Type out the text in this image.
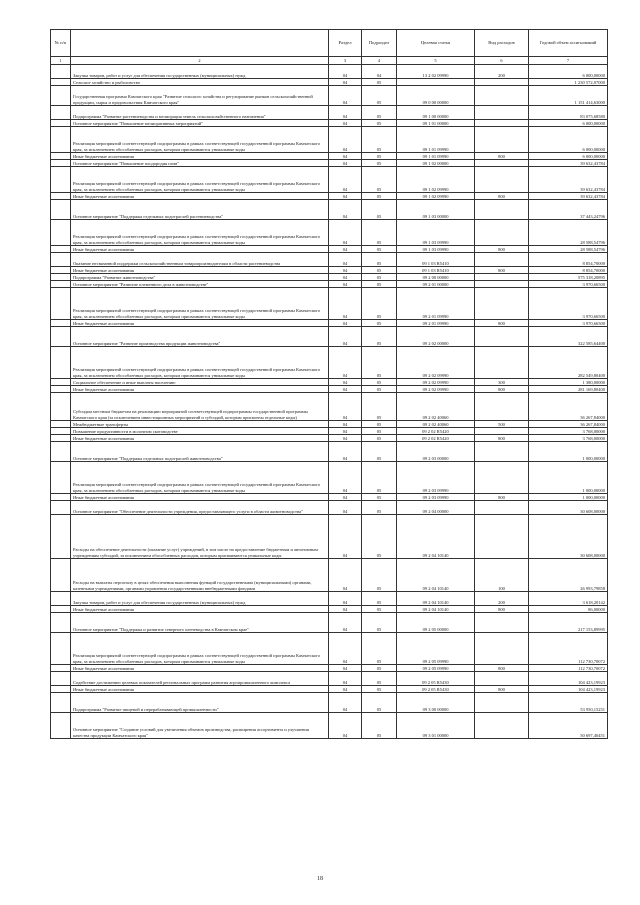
№ п/п		Раздел	Подраздел	Целевая статья	Вид расходов	Годовой объем ассигнований
1	2	3	4	5	6	7
	Закупка товаров, работ и услуг для обеспечения государственных (муниципальных) нужд	04	04	13 2 02 09990	200	6 000,00000
	Сельское хозяйство и рыболовство	04	05			1 230 572,07000
	Государственная программа Камчатского края "Развитие сельского хозяйства и регулирование рынков сельскохозяйственной продукции, сырья и продовольствия Камчатского края"	04	05	09 0 00 00000		1 151 414,63000
	Подпрограмма "Развитие растениеводства и мелиорация земель сельскохозяйственного назначения"	04	05	09 1 00 00000		83 075,68580
	Основное мероприятие "Повышение мелиоративных мероприятий"	04	05	09 1 01 00000		6 000,00000
	Реализация мероприятий соответствующей подпрограммы в рамках соответствующей государственной программы Камчатского края, за исключением обособленных расходов, которым присваиваются уникальные коды	04	05	09 1 01 09990		6 000,00000
	Иные бюджетные ассигнования	04	05	09 1 01 09990	800	6 000,00000
	Основное мероприятие "Повышение плодородия почв"	04	05	09 1 02 00000		39 632,43784
	Реализация мероприятий соответствующей подпрограммы в рамках соответствующей государственной программы Камчатского края, за исключением обособленных расходов, которым присваиваются уникальные коды	04	05	09 1 02 09990		39 632,43784
	Иные бюджетные ассигнования	04	05	09 1 02 09990	800	39 632,43784
	Основное мероприятие "Поддержка отдельных подотраслей растениеводства"	04	05	09 1 03 00000		37 443,24796
	Реализация мероприятий соответствующей подпрограммы в рамках соответствующей государственной программы Камчатского края, за исключением обособленных расходов, которым присваиваются уникальные коды	04	05	09 1 03 09990		28 588,54796
	Иные бюджетные ассигнования	04	05	09 1 03 09990	800	28 588,54796
	Оказание несвязанной поддержки сельскохозяйственным товаропроизводителям в области растениеводства	04	05	09 1 03 R5410		8 854,70000
	Иные бюджетные ассигнования	04	05	09 1 03 R5410	800	8 854,70000
	Подпрограмма "Развитие животноводства"	04	05	09 2 00 00000		575 318,20895
	Основное мероприятие "Развитие племенного дела в животноводстве"	04	05	09 2 01 00000		3 970,66500
	Реализация мероприятий соответствующей подпрограммы в рамках соответствующей государственной программы Камчатского края, за исключением обособленных расходов, которым присваиваются уникальные коды	04	05	09 2 01 09990		3 970,66500
	Иные бюджетные ассигнования	04	05	09 2 01 09990	800	3 970,66500
	Основное мероприятие "Развитие производства продукции животноводства"	04	05	09 2 02 00000		322 585,64400
	Реализация мероприятий соответствующей подпрограммы в рамках соответствующей государственной программы Камчатского края, за исключением обособленных расходов, которым присваиваются уникальные коды	04	05	09 2 02 09990		282 549,80400
	Социальное обеспечение и иные выплаты населению	04	05	09 2 02 09990	300	1 380,00000
	Иные бюджетные ассигнования	04	05	09 2 02 09990	800	281 169,80400
	Субсидии местным бюджетам на реализацию мероприятий соответствующей подпрограммы государственной программы Камчатского края (за исключением инвестиционных мероприятий и субсидий, которым присвоены отдельные коды)	04	05	09 2 02 40060		36 267,84000
	Межбюджетные трансферты	04	05	09 2 02 40060	500	36 267,84000
	Повышение продуктивности в молочном скотоводстве	04	05	09 2 02 R5420		3 768,00000
	Иные бюджетные ассигнования	04	05	09 2 02 R5420	800	3 768,00000
	Основное мероприятие "Поддержка отдельных подотраслей животноводства"	04	05	09 2 03 00000		1 000,00000
	Реализация мероприятий соответствующей подпрограммы в рамках соответствующей государственной программы Камчатского края, за исключением обособленных расходов, которым присваиваются уникальные коды	04	05	09 2 03 09990		1 000,00000
	Иные бюджетные ассигнования	04	05	09 2 03 09990	800	1 000,00000
	Основное мероприятие "Обеспечение деятельности учреждения, предоставляющего услуги в области животноводства"	04	05	09 2 04 00000		30 608,00000
	Расходы на обеспечение деятельности (оказание услуг) учреждений, в том числе на предоставление бюджетным и автономным учреждениям субсидий, за исключением обособленных расходов, которым присваиваются уникальные коды	04	05	09 2 04 10140		30 608,00000
	Расходы на выплаты персоналу в целях обеспечения выполнения функций государственными (муниципальными) органами, казенными учреждениями, органами управления государственными внебюджетными фондами	04	05	09 2 04 10140	100	26 993,79858
	Закупка товаров, работ и услуг для обеспечения государственных (муниципальных) нужд	04	05	09 2 04 10140	200	3 618,20142
	Иные бюджетные ассигнования	04	05	09 2 04 10140	800	86,00000
	Основное мероприятие "Поддержка и развитие северного оленеводства в Камчатском крае"	04	05	09 2 05 00000		217 153,89995
	Реализация мероприятий соответствующей подпрограммы в рамках соответствующей государственной программы Камчатского края, за исключением обособленных расходов, которым присваиваются уникальные коды	04	05	09 2 05 09990		112 730,70072
	Иные бюджетные ассигнования	04	05	09 2 05 09990	800	112 730,70072
	Содействие достижению целевых показателей региональных программ развития агропромышленного комплекса	04	05	09 2 05 R5430		104 423,19923
	Иные бюджетные ассигнования	04	05	09 2 05 R5430	800	104 423,19923
	Подпрограмма "Развитие пищевой и перерабатывающей промышленности"	04	05	09 3 00 00000		53 950,15251
	Основное мероприятие "Создание условий для увеличения объемов производства, расширения ассортимента и улучшения качества продукции Камчатского края"	04	05	09 3 01 00000		50 697,40451
18
